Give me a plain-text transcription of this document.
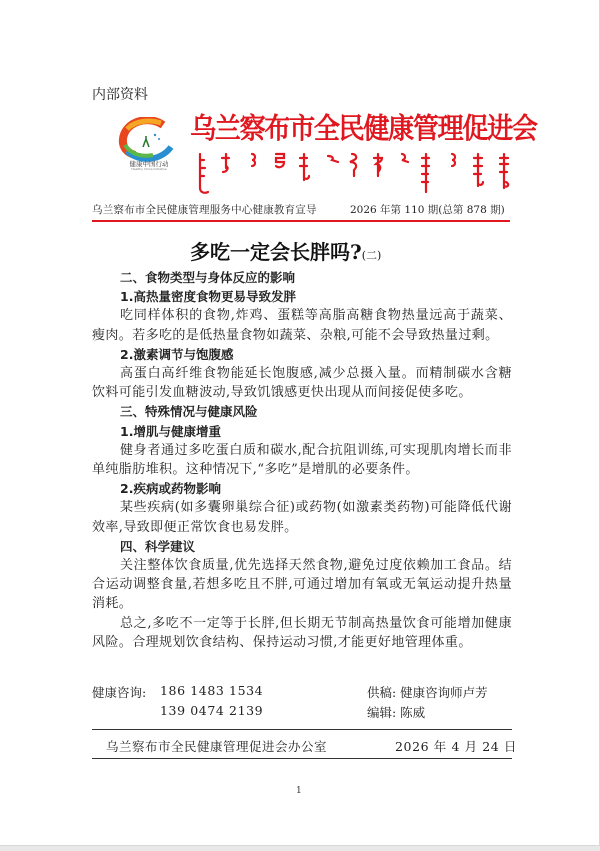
内部资料
健康中国行动
Healthy China Initiative
乌兰察布市全民健康管理促进会
乌兰察布市全民健康管理服务中心健康教育宣导	2026 年第 110 期(总第 878 期)
多吃一定会长胖吗?(二)
二、食物类型与身体反应的影响
1.高热量密度食物更易导致发胖
吃同样体积的食物,炸鸡、蛋糕等高脂高糖食物热量远高于蔬菜、瘦肉。若多吃的是低热量食物如蔬菜、杂粮,可能不会导致热量过剩。
2.激素调节与饱腹感
高蛋白高纤维食物能延长饱腹感,减少总摄入量。而精制碳水含糖饮料可能引发血糖波动,导致饥饿感更快出现从而间接促使多吃。
三、特殊情况与健康风险
1.增肌与健康增重
健身者通过多吃蛋白质和碳水,配合抗阻训练,可实现肌肉增长而非单纯脂肪堆积。这种情况下,“多吃”是增肌的必要条件。
2.疾病或药物影响
某些疾病(如多囊卵巢综合征)或药物(如激素类药物)可能降低代谢效率,导致即便正常饮食也易发胖。
四、科学建议
关注整体饮食质量,优先选择天然食物,避免过度依赖加工食品。结合运动调整食量,若想多吃且不胖,可通过增加有氧或无氧运动提升热量消耗。
总之,多吃不一定等于长胖,但长期无节制高热量饮食可能增加健康风险。合理规划饮食结构、保持运动习惯,才能更好地管理体重。
健康咨询: 186 1483 1534
139 0474 2139
供稿: 健康咨询师卢芳
编辑: 陈威
乌兰察布市全民健康管理促进会办公室	2026 年 4 月 24 日
1
